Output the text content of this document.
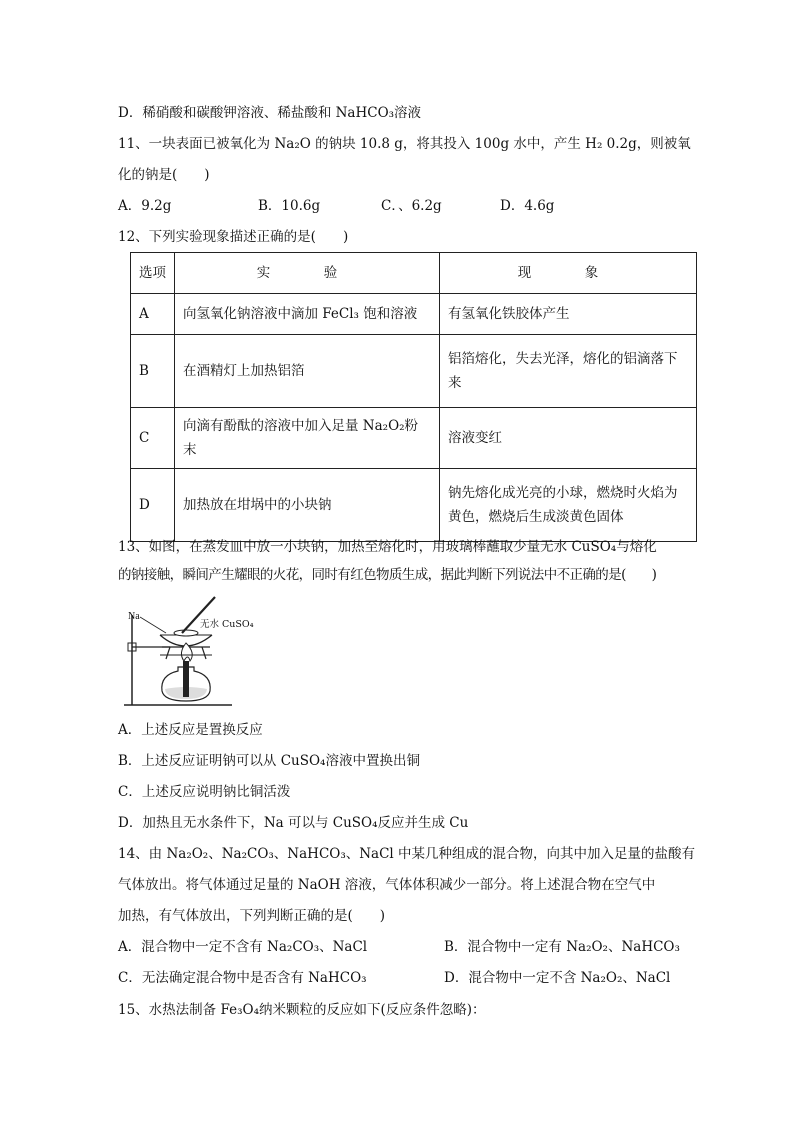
D．稀硝酸和碳酸钾溶液、稀盐酸和 NaHCO₃溶液
11、一块表面已被氧化为 Na₂O 的钠块 10.8 g，将其投入 100g 水中，产生 H₂ 0.2g，则被氧
化的钠是(　　)
A．9.2g	B．10.6g	C．、6.2g	D．4.6g
12、下列实验现象描述正确的是(　　)
选项	实　验	现　象
A	向氢氧化钠溶液中滴加 FeCl₃ 饱和溶液	有氢氧化铁胶体产生
B	在酒精灯上加热铝箔	铝箔熔化，失去光泽，熔化的铝滴落下来
C	向滴有酚酞的溶液中加入足量 Na₂O₂粉末	溶液变红
D	加热放在坩埚中的小块钠	钠先熔化成光亮的小球，燃烧时火焰为黄色，燃烧后生成淡黄色固体
13、如图，在蒸发皿中放一小块钠，加热至熔化时，用玻璃棒蘸取少量无水 CuSO₄与熔化
的钠接触，瞬间产生耀眼的火花，同时有红色物质生成，据此判断下列说法中不正确的是(　　)
Na
无水 CuSO₄
A．上述反应是置换反应
B．上述反应证明钠可以从 CuSO₄溶液中置换出铜
C．上述反应说明钠比铜活泼
D．加热且无水条件下，Na 可以与 CuSO₄反应并生成 Cu
14、由 Na₂O₂、Na₂CO₃、NaHCO₃、NaCl 中某几种组成的混合物，向其中加入足量的盐酸有
气体放出。将气体通过足量的 NaOH 溶液，气体体积减少一部分。将上述混合物在空气中
加热，有气体放出，下列判断正确的是(　　)
A．混合物中一定不含有 Na₂CO₃、NaCl	B．混合物中一定有 Na₂O₂、NaHCO₃
C．无法确定混合物中是否含有 NaHCO₃	D．混合物中一定不含 Na₂O₂、NaCl
15、水热法制备 Fe₃O₄纳米颗粒的反应如下(反应条件忽略)：
